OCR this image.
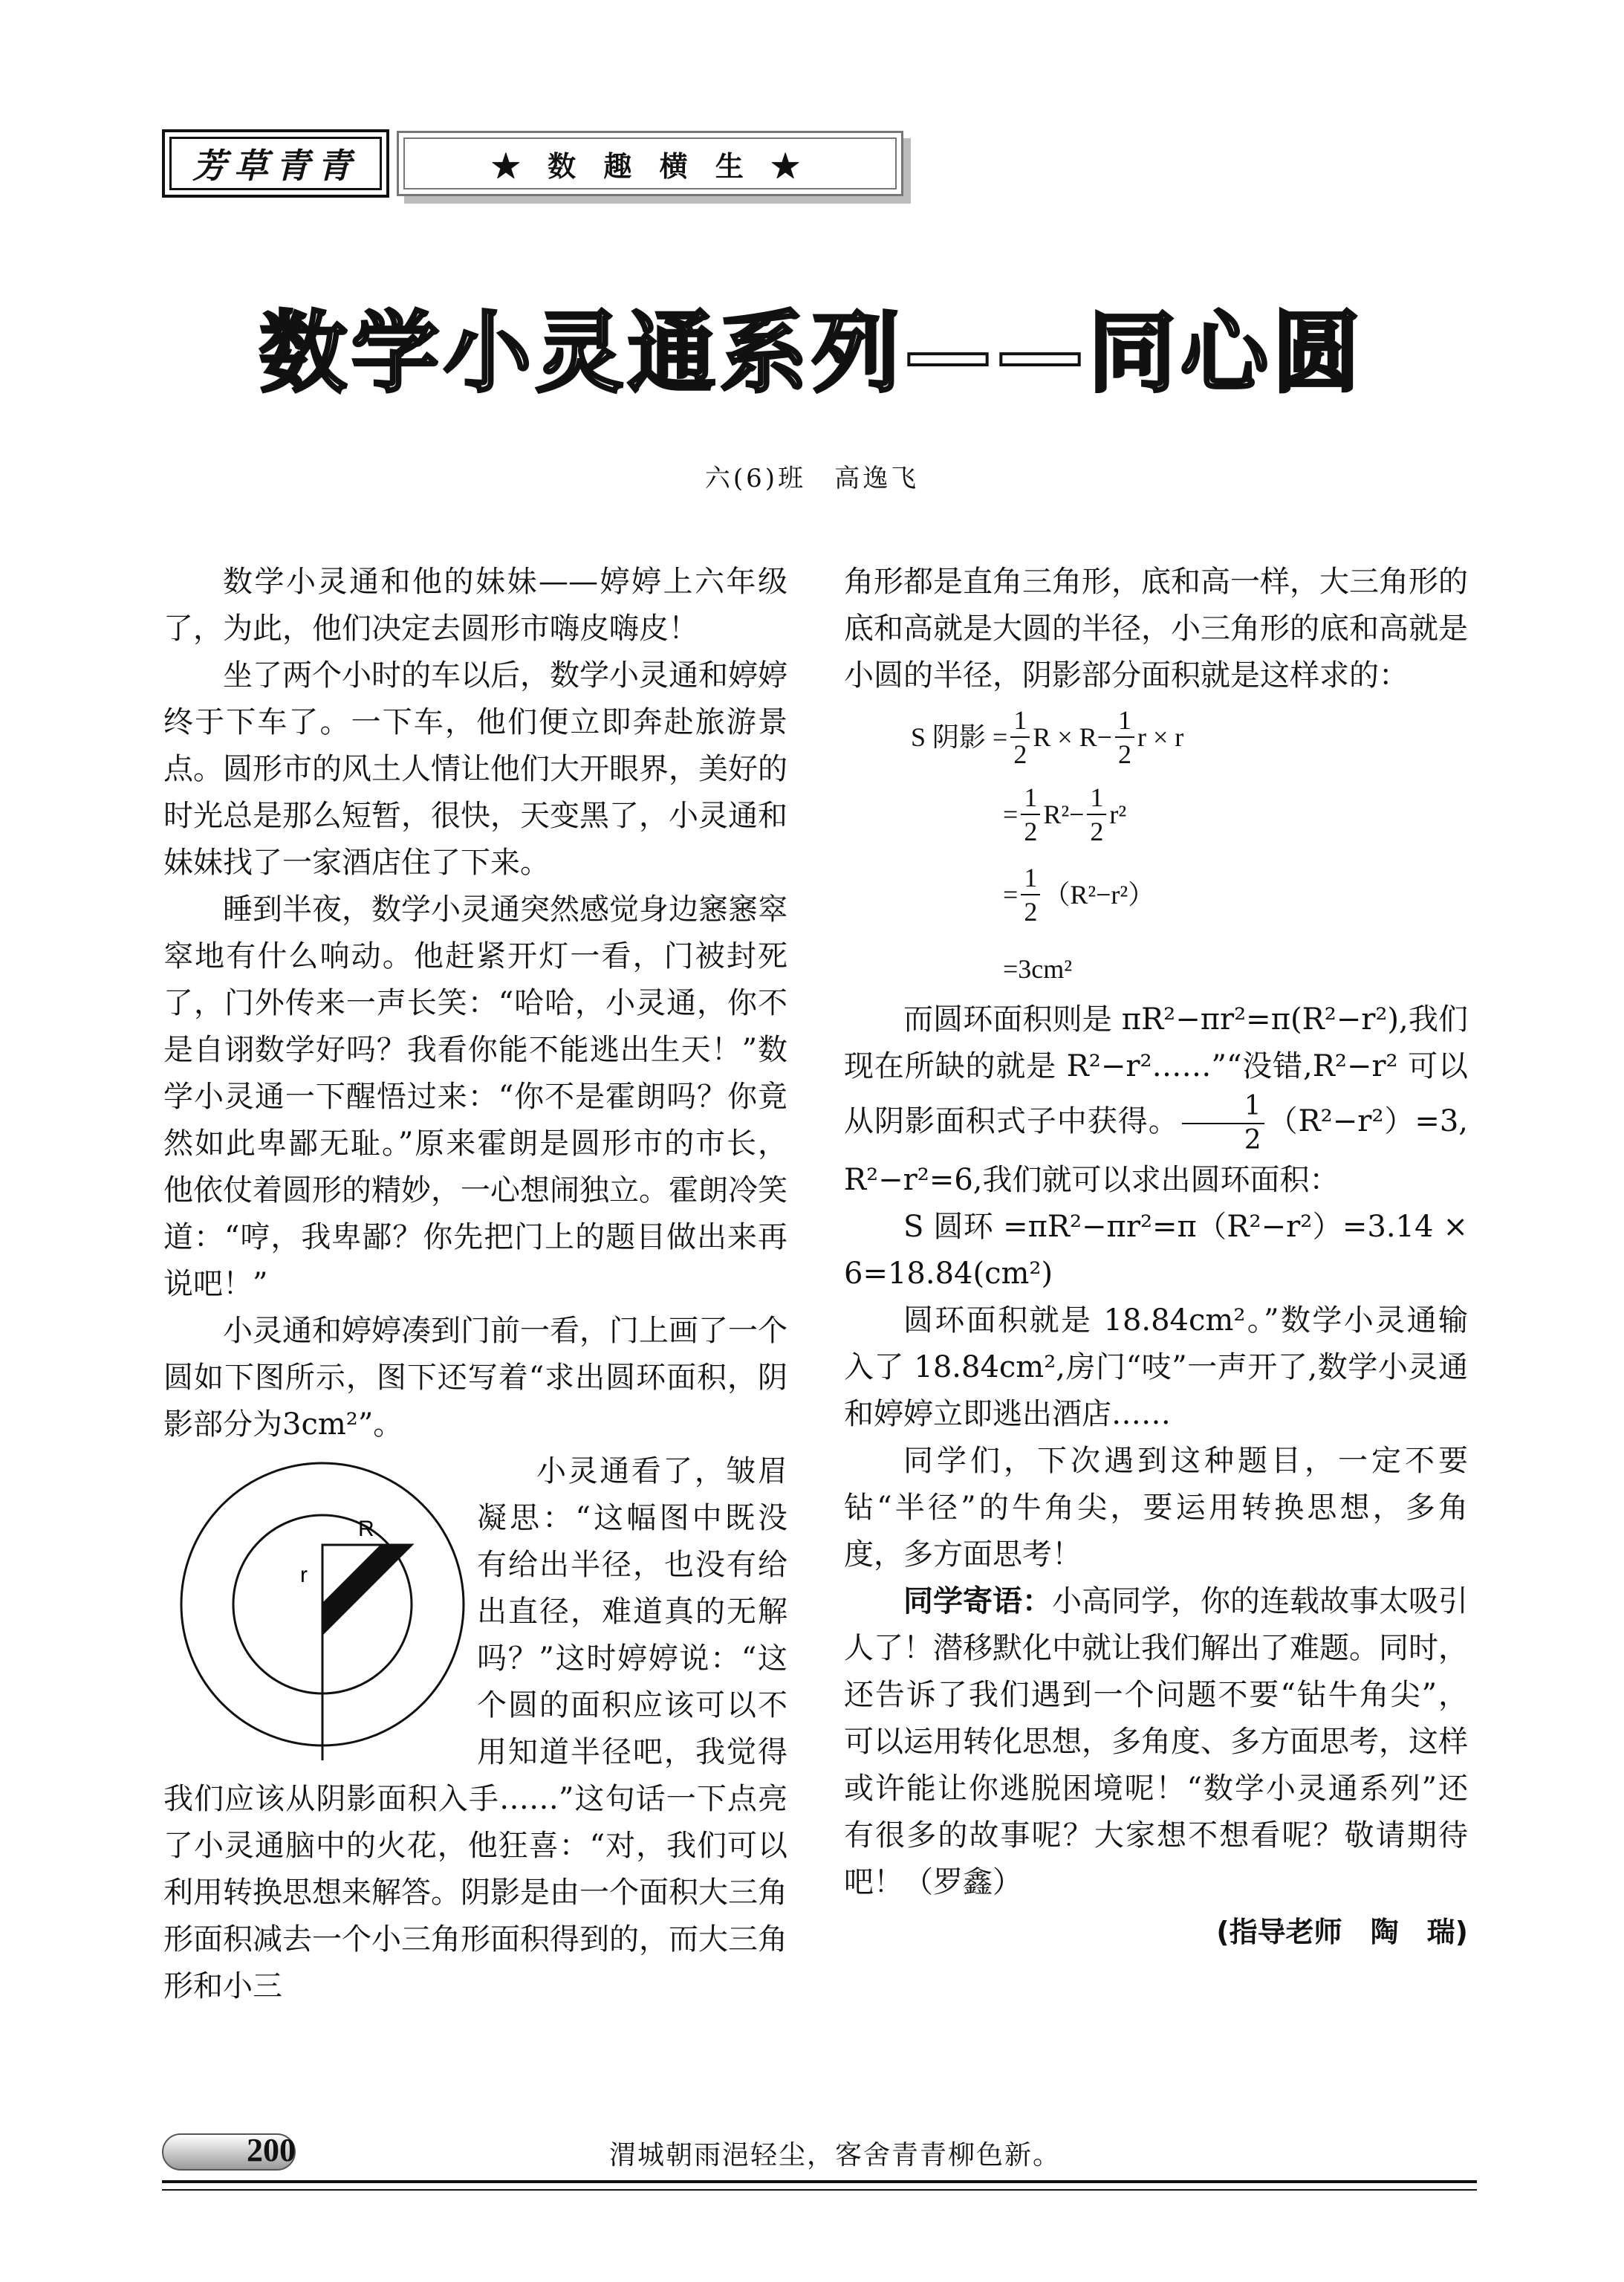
芳草青青	★ 数 趣 横 生 ★
数学小灵通系列——同心圆
六(6)班　高逸飞

数学小灵通和他的妹妹——婷婷上六年级了，为此，他们决定去圆形市嗨皮嗨皮！

坐了两个小时的车以后，数学小灵通和婷婷终于下车了。一下车，他们便立即奔赴旅游景点。圆形市的风土人情让他们大开眼界，美好的时光总是那么短暂，很快，天变黑了，小灵通和妹妹找了一家酒店住了下来。

睡到半夜，数学小灵通突然感觉身边窸窸窣窣地有什么响动。他赶紧开灯一看，门被封死了，门外传来一声长笑：“哈哈，小灵通，你不是自诩数学好吗？我看你能不能逃出生天！”数学小灵通一下醒悟过来：“你不是霍朗吗？你竟然如此卑鄙无耻。”原来霍朗是圆形市的市长，他依仗着圆形的精妙，一心想闹独立。霍朗冷笑道：“哼，我卑鄙？你先把门上的题目做出来再说吧！”

小灵通和婷婷凑到门前一看，门上画了一个圆如下图所示，图下还写着“求出圆环面积，阴影部分为3cm²”。

R
r

小灵通看了，皱眉凝思：“这幅图中既没有给出半径，也没有给出直径，难道真的无解吗？”这时婷婷说：“这个圆的面积应该可以不用知道半径吧，我觉得我们应该从阴影面积入手……”这句话一下点亮了小灵通脑中的火花，他狂喜：“对，我们可以利用转换思想来解答。阴影是由一个面积大三角形面积减去一个小三角形面积得到的，而大三角形和小三

角形都是直角三角形，底和高一样，大三角形的底和高就是大圆的半径，小三角形的底和高就是小圆的半径，阴影部分面积就是这样求的：

S 阴影 = $\frac{1}{2}$ $R \times R- \frac{1}{2}$ r × r
= $\frac{1}{2} R^2- \frac{1}{2} r^2$
= $\frac{1}{2} (R^2-r^2)$
=3cm²

而圆环面积则是 πR²−πr²=π(R²−r²),我们现在所缺的就是 R²−r²……”“没错,R²−r² 可以从阴影面积式子中获得。 $\frac{1}{2} (R^2-r^2)=3$, R²−r²=6,我们就可以求出圆环面积：

S 圆环 =πR²−πr²=π（R²−r²）=3.14 × 6=18.84(cm²)

圆环面积就是 18.84cm²。”数学小灵通输入了 18.84cm²,房门“吱”一声开了,数学小灵通和婷婷立即逃出酒店……

同学们，下次遇到这种题目，一定不要钻“半径”的牛角尖，要运用转换思想，多角度，多方面思考！

同学寄语：小高同学，你的连载故事太吸引人了！潜移默化中就让我们解出了难题。同时，还告诉了我们遇到一个问题不要“钻牛角尖”，可以运用转化思想，多角度、多方面思考，这样或许能让你逃脱困境呢！“数学小灵通系列”还有很多的故事呢？大家想不想看呢？敬请期待吧！（罗鑫）

(指导老师　陶　瑞)
200	渭城朝雨浥轻尘，客舍青青柳色新。
